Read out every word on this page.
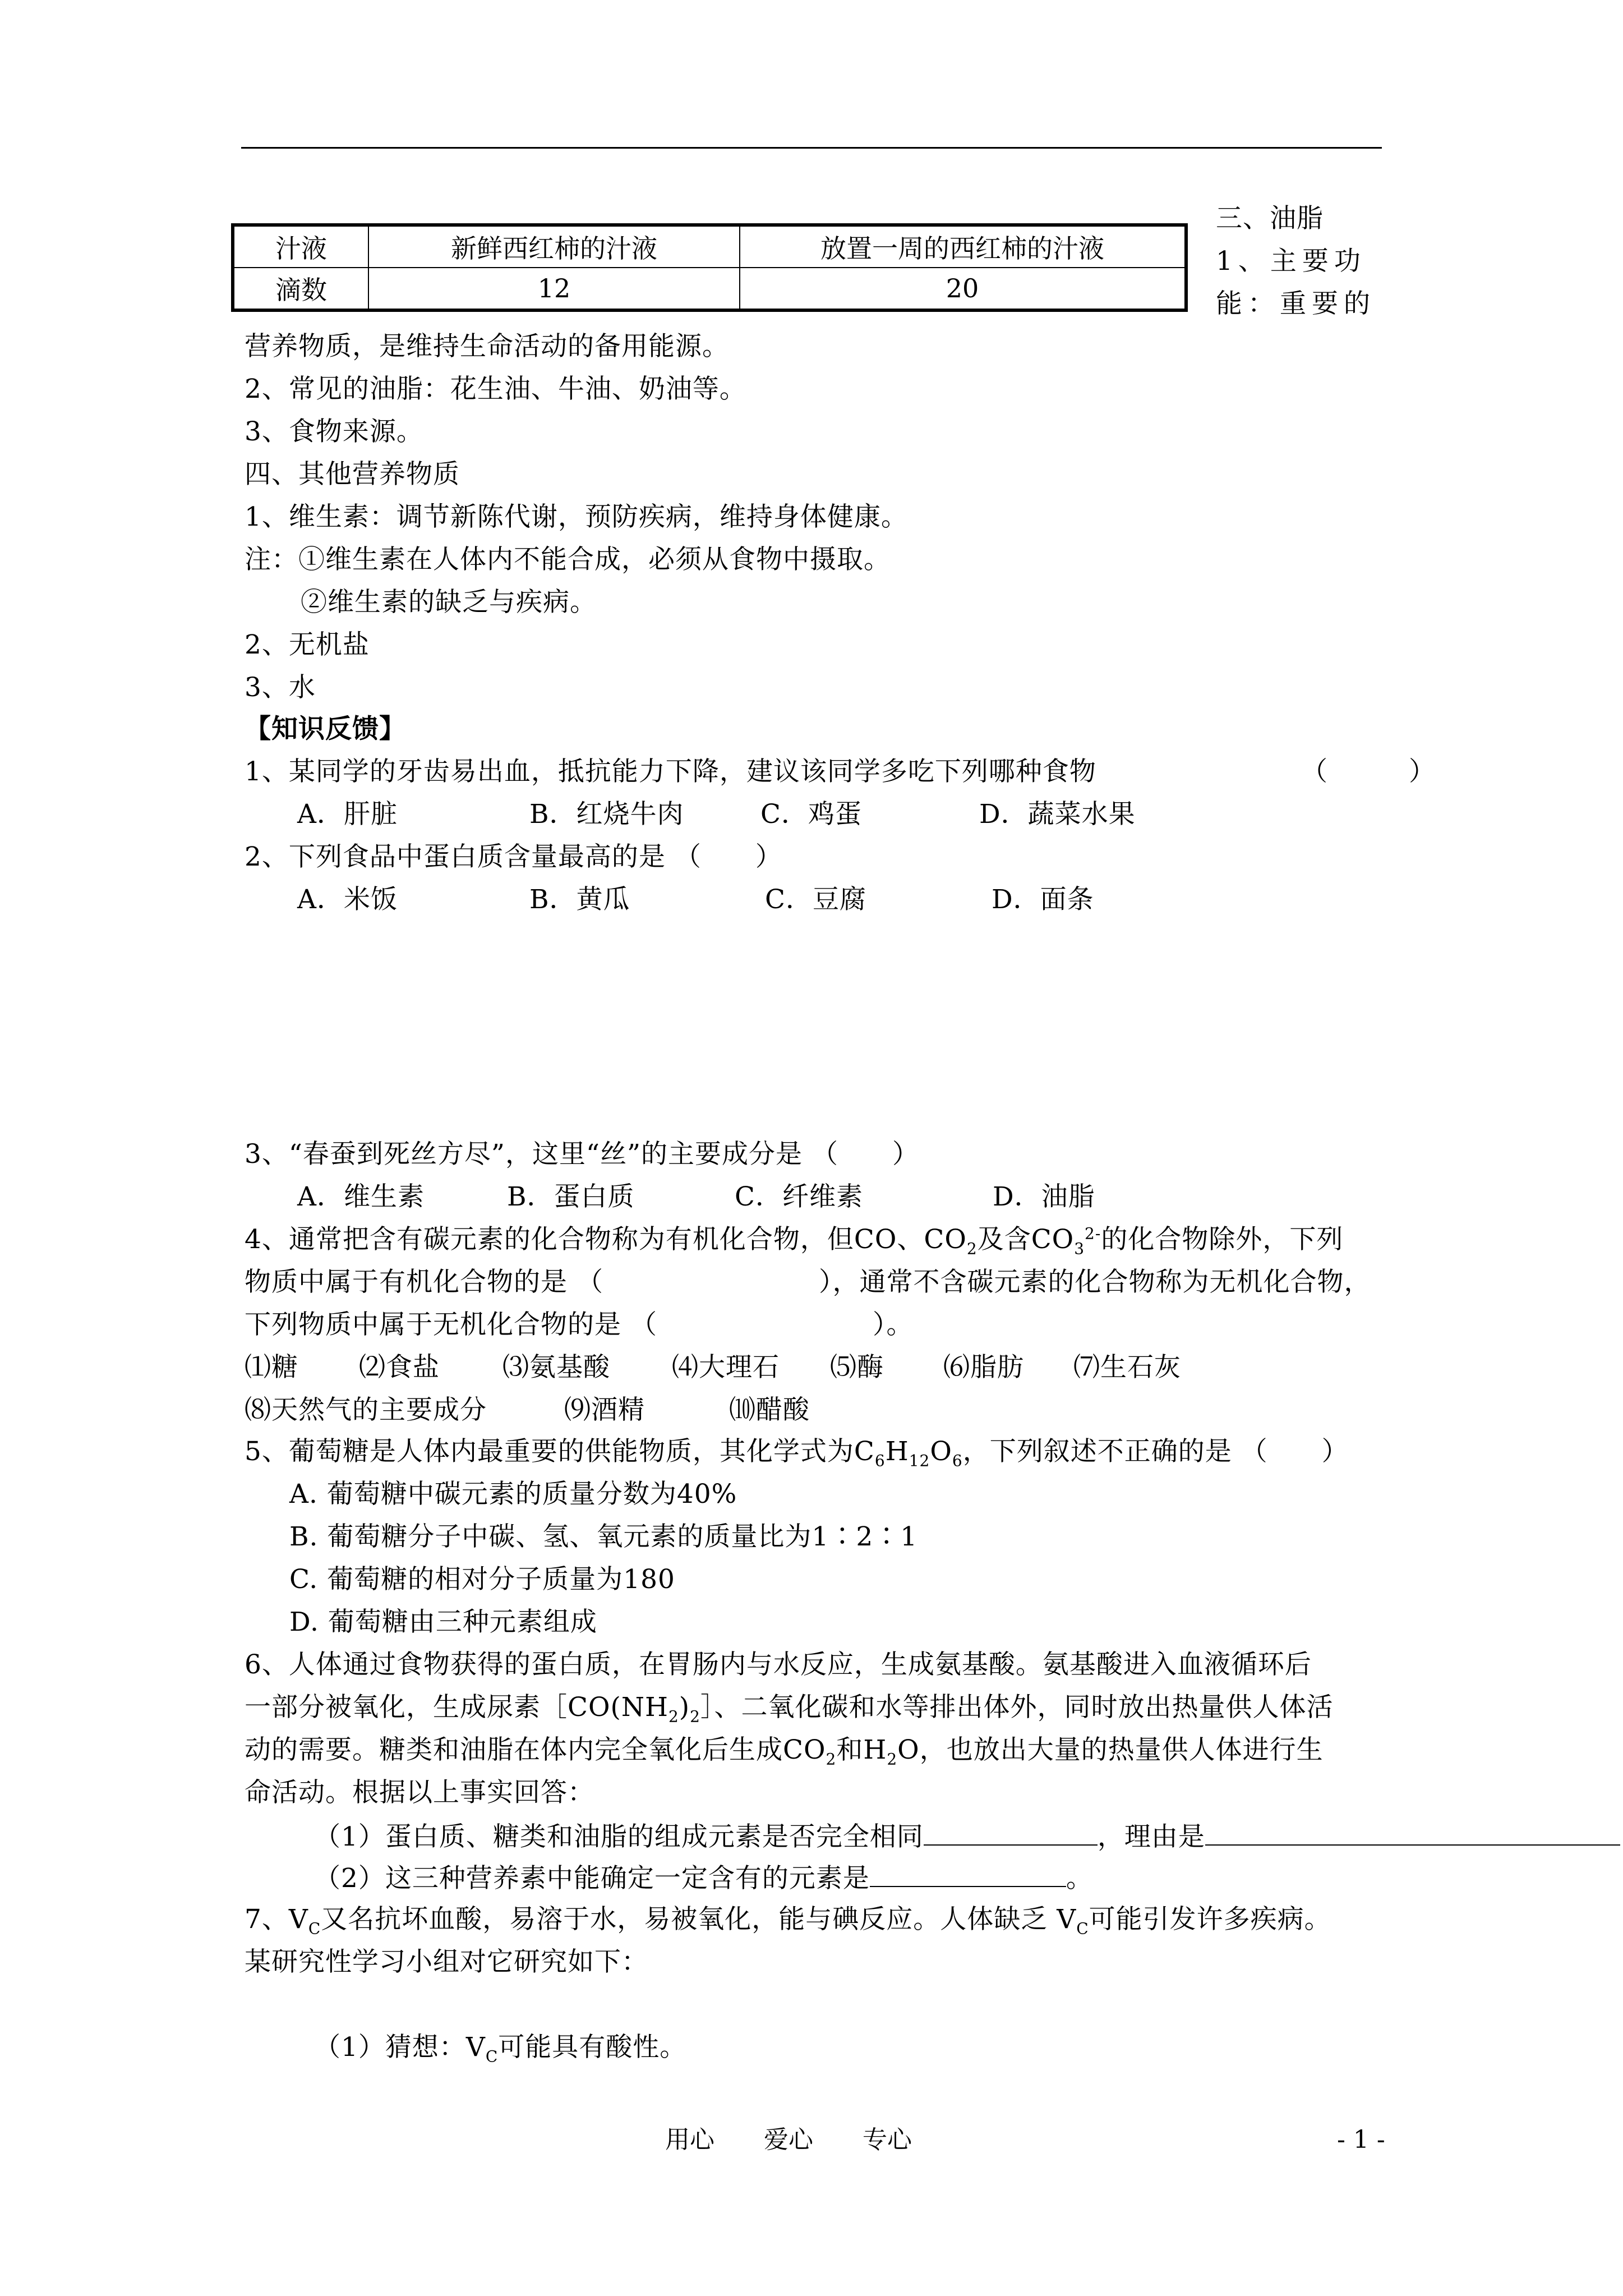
汁液	新鲜西红柿的汁液	放置一周的西红柿的汁液
滴数	12	20
三、油脂
1、主要功
能：重要的
营养物质，是维持生命活动的备用能源。
2、常见的油脂：花生油、牛油、奶油等。
3、食物来源。
四、其他营养物质
1、维生素：调节新陈代谢，预防疾病，维持身体健康。
注：①维生素在人体内不能合成，必须从食物中摄取。
②维生素的缺乏与疾病。
2、无机盐
3、水
【知识反馈】
1、某同学的牙齿易出血，抵抗能力下降，建议该同学多吃下列哪种食物	（　　　）
A．肝脏	B．红烧牛肉	C．鸡蛋	D．蔬菜水果
2、下列食品中蛋白质含量最高的是 （　　）
A．米饭	B．黄瓜	C．豆腐	D．面条
3、“春蚕到死丝方尽”，这里“丝”的主要成分是 （　　）
A．维生素	B．蛋白质	C．纤维素	D．油脂
4、通常把含有碳元素的化合物称为有机化合物，但CO、$CO_2$及含$CO_3^{2-}$的化合物除外，下列
物质中属于有机化合物的是 （　　　　　　　　），通常不含碳元素的化合物称为无机化合物，
下列物质中属于无机化合物的是 （　　　　　　　　）。
⑴糖 ⑵食盐 ⑶氨基酸 ⑷大理石 ⑸酶 ⑹脂肪 ⑺生石灰
⑻天然气的主要成分	⑼酒精	⑽醋酸
5、葡萄糖是人体内最重要的供能物质，其化学式为$C_6H_{12}O_6$，下列叙述不正确的是 （　　）
A. 葡萄糖中碳元素的质量分数为40%
B. 葡萄糖分子中碳、氢、氧元素的质量比为1∶2∶1
C. 葡萄糖的相对分子质量为180
D. 葡萄糖由三种元素组成
6、人体通过食物获得的蛋白质，在胃肠内与水反应，生成氨基酸。氨基酸进入血液循环后
一部分被氧化，生成尿素$[CO(NH_2)_2]$、二氧化碳和水等排出体外，同时放出热量供人体活
动的需要。糖类和油脂在体内完全氧化后生成$CO_2$和$H_2O$，也放出大量的热量供人体进行生
命活动。根据以上事实回答：
（1）蛋白质、糖类和油脂的组成元素是否完全相同	，理由是
（2）这三种营养素中能确定一定含有的元素是	。
7、$V_C$又名抗坏血酸，易溶于水，易被氧化，能与碘反应。人体缺乏 $V_C$可能引发许多疾病。
某研究性学习小组对它研究如下：
（1）猜想：$V_C$可能具有酸性。
用心　　爱心　　专心	- 1 -
